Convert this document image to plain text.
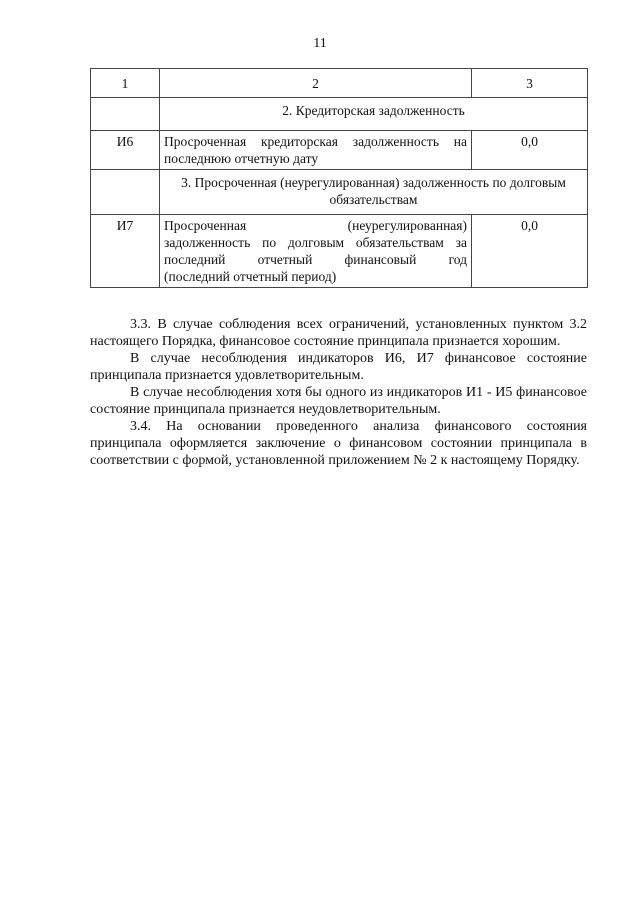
11
1	2	3
	2. Кредиторская задолженность	
И6	Просроченная кредиторская задолженность на последнюю отчетную дату	0,0
	3. Просроченная (неурегулированная) задолженность по долговым обязательствам	
И7	Просроченная (неурегулированная)
задолженность по долговым обязательствам за
последний отчетный финансовый год
(последний отчетный период)	0,0

3.3. В случае соблюдения всех ограничений, установленных пунктом 3.2 настоящего Порядка, финансовое состояние принципала признается хорошим.

В случае несоблюдения индикаторов И6, И7 финансовое состояние принципала признается удовлетворительным.

В случае несоблюдения хотя бы одного из индикаторов И1 - И5 финансовое состояние принципала признается неудовлетворительным.

3.4. На основании проведенного анализа финансового состояния принципала оформляется заключение о финансовом состоянии принципала в соответствии с формой, установленной приложением № 2 к настоящему Порядку.
